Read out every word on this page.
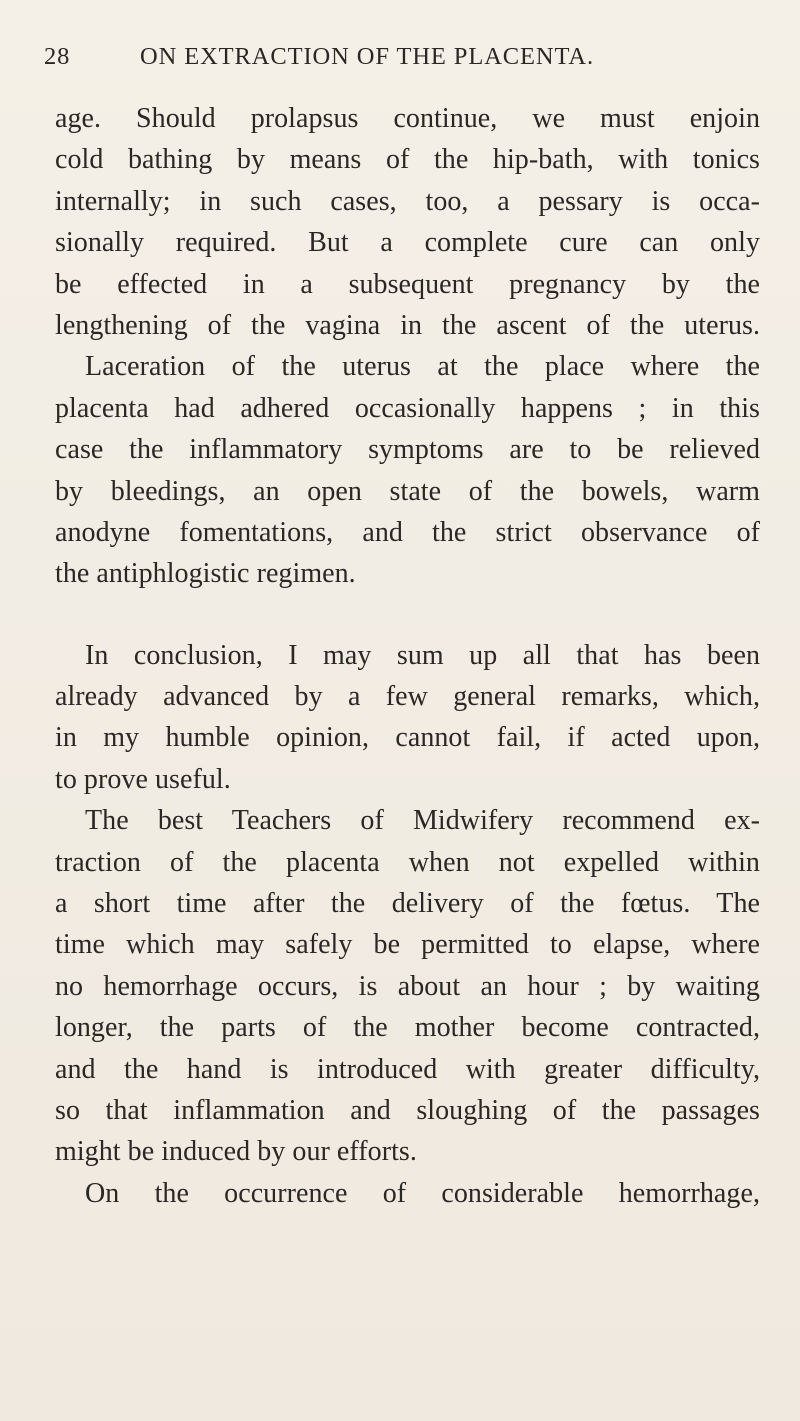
28	ON EXTRACTION OF THE PLACENTA.
age. Should prolapsus continue, we must enjoin
cold bathing by means of the hip-bath, with tonics
internally; in such cases, too, a pessary is occa-
sionally required. But a complete cure can only
be effected in a subsequent pregnancy by the
lengthening of the vagina in the ascent of the uterus.
Laceration of the uterus at the place where the
placenta had adhered occasionally happens ; in this
case the inflammatory symptoms are to be relieved
by bleedings, an open state of the bowels, warm
anodyne fomentations, and the strict observance of
the antiphlogistic regimen.
In conclusion, I may sum up all that has been
already advanced by a few general remarks, which,
in my humble opinion, cannot fail, if acted upon,
to prove useful.
The best Teachers of Midwifery recommend ex-
traction of the placenta when not expelled within
a short time after the delivery of the fœtus. The
time which may safely be permitted to elapse, where
no hemorrhage occurs, is about an hour ; by waiting
longer, the parts of the mother become contracted,
and the hand is introduced with greater difficulty,
so that inflammation and sloughing of the passages
might be induced by our efforts.
On the occurrence of considerable hemorrhage,
